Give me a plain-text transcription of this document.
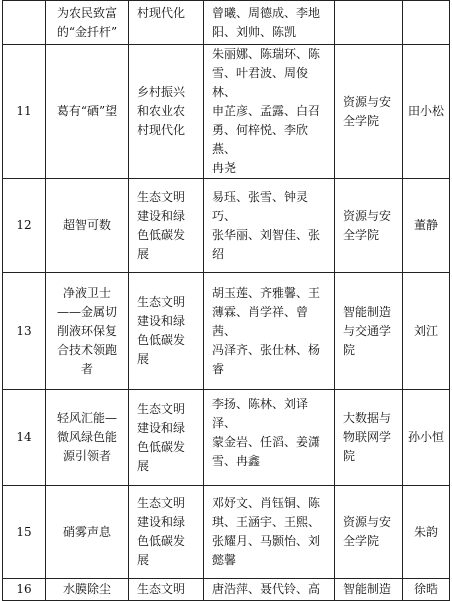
	为农民致富
的“金扦杆”	村现代化	曾曦、周德成、李地
阳、刘帅、陈凯		
11	葛有“硒”望	乡村振兴
和农业农
村现代化	朱丽娜、陈瑞环、陈
雪、叶君波、周俊林、
申芷彦、孟露、白召
勇、何梓悦、李欣燕、
冉尧	资源与安
全学院	田小松
12	超智可数	生态文明
建设和绿
色低碳发
展	易珏、张雪、钟灵巧、
张华丽、刘智佳、张
绍	资源与安
全学院	董静
13	净液卫士
——金属切
削液环保复
合技术领跑
者	生态文明
建设和绿
色低碳发
展	胡玉莲、齐雅馨、王
薄霖、肖学祥、曾茜、
冯泽齐、张仕林、杨
睿	智能制造
与交通学
院	刘江
14	轻风汇能—
微风绿色能
源引领者	生态文明
建设和绿
色低碳发
展	李扬、陈林、刘译泽、
蒙金岩、任滔、姜潇
雪、冉鑫	大数据与
物联网学
院	孙小恒
15	硝雾声息	生态文明
建设和绿
色低碳发
展	邓妤文、肖钰铜、陈
琪、王涵宇、王熙、
张耀月、马颢怡、刘
懿馨	资源与安
全学院	朱韵
16	水膜除尘	生态文明	唐浩萍、聂代铃、高	智能制造	徐晧
